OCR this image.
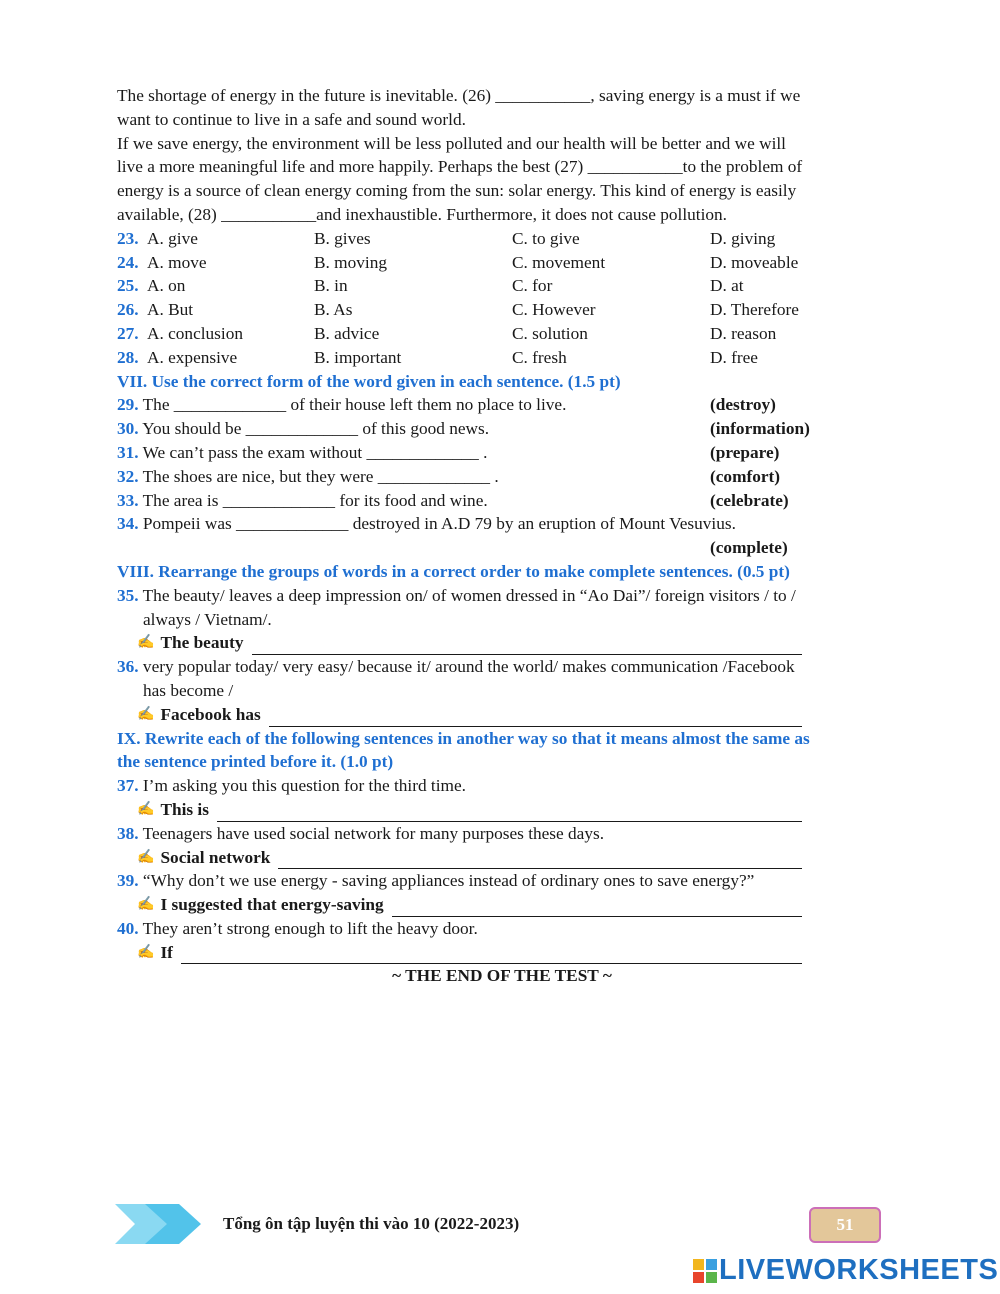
The shortage of energy in the future is inevitable. (26) ___________, saving energy is a must if we
want to continue to live in a safe and sound world.
If we save energy, the environment will be less polluted and our health will be better and we will
live a more meaningful life and more happily. Perhaps the best (27) ___________to the problem of
energy is a source of clean energy coming from the sun: solar energy. This kind of energy is easily
available, (28) ___________and inexhaustible. Furthermore, it does not cause pollution.
23. A. give	B. gives	C. to give	D. giving
24. A. move	B. moving	C. movement	D. moveable
25. A. on	B. in	C. for	D. at
26. A. But	B. As	C. However	D. Therefore
27. A. conclusion	B. advice	C. solution	D. reason
28. A. expensive	B. important	C. fresh	D. free
VII. Use the correct form of the word given in each sentence. (1.5 pt)
29. The _____________ of their house left them no place to live.	(destroy)
30. You should be _____________ of this good news.	(information)
31. We can’t pass the exam without _____________ .	(prepare)
32. The shoes are nice, but they were _____________ .	(comfort)
33. The area is _____________ for its food and wine.	(celebrate)
34. Pompeii was _____________ destroyed in A.D 79 by an eruption of Mount Vesuvius.
(complete)
VIII. Rearrange the groups of words in a correct order to make complete sentences. (0.5 pt)
35. The beauty/ leaves a deep impression on/ of women dressed in “Ao Dai”/ foreign visitors / to /
always / Vietnam/.
✍ The beauty
36. very popular today/ very easy/ because it/ around the world/ makes communication /Facebook
has become /
✍ Facebook has
IX. Rewrite each of the following sentences in another way so that it means almost the same as
the sentence printed before it. (1.0 pt)
37. I’m asking you this question for the third time.
✍ This is
38. Teenagers have used social network for many purposes these days.
✍ Social network
39. “Why don’t we use energy - saving appliances instead of ordinary ones to save energy?”
✍ I suggested that energy-saving
40. They aren’t strong enough to lift the heavy door.
✍ If
~ THE END OF THE TEST ~
Tổng ôn tập luyện thi vào 10 (2022-2023)	51
LIVEWORKSHEETS
